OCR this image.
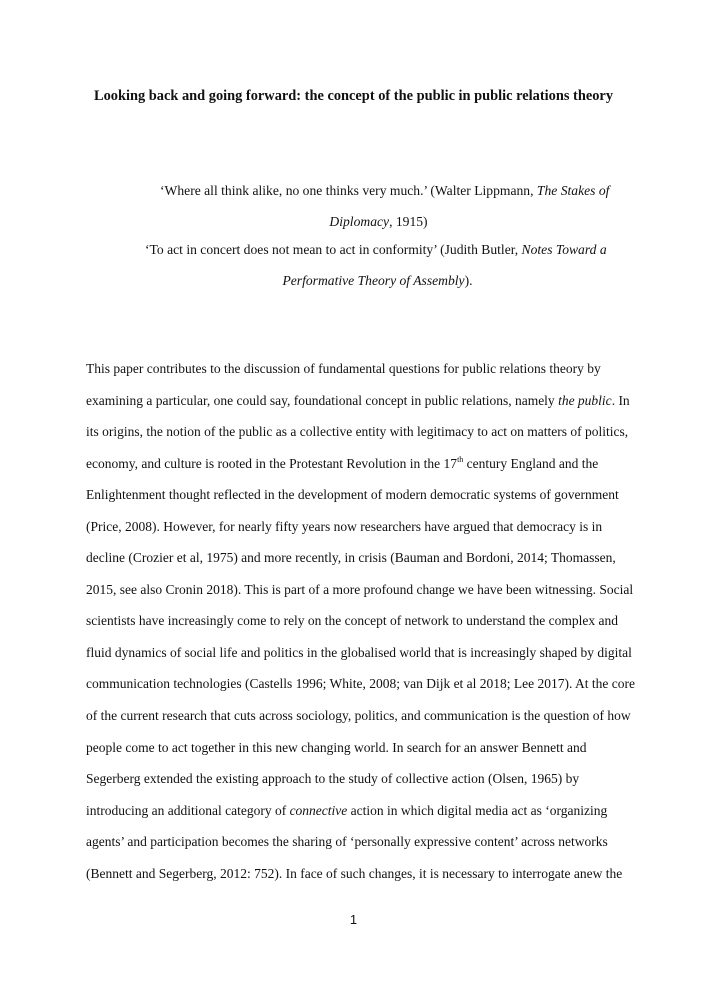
Looking back and going forward: the concept of the public in public relations theory
‘Where all think alike, no one thinks very much.’ (Walter Lippmann, The Stakes of
Diplomacy, 1915)
‘To act in concert does not mean to act in conformity’ (Judith Butler, Notes Toward a
Performative Theory of Assembly).
This paper contributes to the discussion of fundamental questions for public relations theory by
examining a particular, one could say, foundational concept in public relations, namely the public. In
its origins, the notion of the public as a collective entity with legitimacy to act on matters of politics,
economy, and culture is rooted in the Protestant Revolution in the 17th century England and the
Enlightenment thought reflected in the development of modern democratic systems of government
(Price, 2008). However, for nearly fifty years now researchers have argued that democracy is in
decline (Crozier et al, 1975) and more recently, in crisis (Bauman and Bordoni, 2014; Thomassen,
2015, see also Cronin 2018). This is part of a more profound change we have been witnessing. Social
scientists have increasingly come to rely on the concept of network to understand the complex and
fluid dynamics of social life and politics in the globalised world that is increasingly shaped by digital
communication technologies (Castells 1996; White, 2008; van Dijk et al 2018; Lee 2017). At the core
of the current research that cuts across sociology, politics, and communication is the question of how
people come to act together in this new changing world. In search for an answer Bennett and
Segerberg extended the existing approach to the study of collective action (Olsen, 1965) by
introducing an additional category of connective action in which digital media act as ‘organizing
agents’ and participation becomes the sharing of ‘personally expressive content’ across networks
(Bennett and Segerberg, 2012: 752). In face of such changes, it is necessary to interrogate anew the
1
